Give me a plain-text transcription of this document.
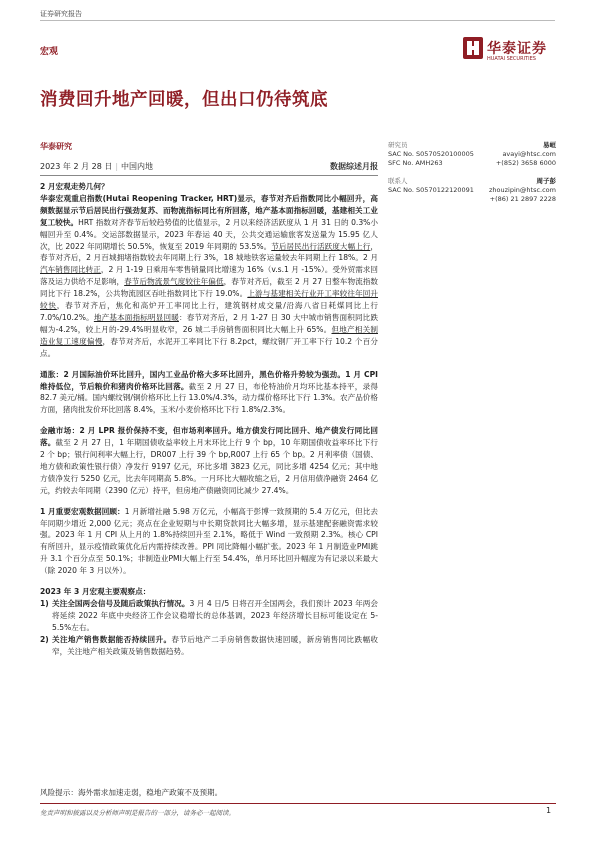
证券研究报告
宏观	华泰证券
HUATAI SECURITIES
消费回升地产回暖，但出口仍待筑底
华泰研究
2023 年 2 月 28 日 | 中国内地	数据综述月报
研究员	易峘
SAC No. S0570520100005	avayi@htsc.com
SFC No. AMH263	+(852) 3658 6000
联系人	周子彭
SAC No. S0570122120091 zhouzipin@htsc.com
+(86) 21 2897 2228

2 月宏观走势几何？

华泰宏观重启指数(Hutai Reopening Tracker, HRT)显示，春节对齐后指数同比小幅回升，高频数据显示节后居民出行强劲复苏、而物流指标同比有所回落，地产基本面指标回暖，基建相关工业复工较快。HRT 指数对齐春节后较趋势值的比值显示，2 月以来经济活跃度从 1 月 31 日的 0.3%小幅回升至 0.4%。交运部数据显示，2023 年春运 40 天，公共交通运输旅客发送量为 15.95 亿人次，比 2022 年同期增长 50.5%，恢复至 2019 年同期的 53.5%。节后居民出行活跃度大幅上行，春节对齐后，2 月百城拥堵指数较去年同期上行 3%，18 城地铁客运量较去年同期上行 18%。2 月汽车销售同比转正，2 月 1-19 日乘用车零售销量同比增速为 16%（v.s.1 月 -15%）。受外贸需求回落及运力供给不足影响，春节后物流景气度较往年偏低，春节对齐后，截至 2 月 27 日整车物流指数同比下行 18.2%，公共物流园区吞吐指数同比下行 19.0%。上游与基建相关行业开工率较往年回升较快，春节对齐后，焦化和高炉开工率同比上行，建筑钢材成交量/沿海八省日耗煤同比上行 7.0%/10.2%。地产基本面指标明显回暖：春节对齐后，2 月 1-27 日 30 大中城市销售面积同比跌幅为-4.2%，较上月的-29.4%明显收窄，26 城二手房销售面积同比大幅上升 65%。但地产相关制造业复工速度偏慢，春节对齐后，水泥开工率同比下行 8.2pct，螺纹钢厂开工率下行 10.2 个百分点。

通胀：2 月国际油价环比回升，国内工业品价格大多环比回升，黑色价格升势较为强劲。1 月 CPI 维持低位，节后粮价和猪肉价格环比回落。截至 2 月 27 日，布伦特油价月均环比基本持平，录得 82.7 美元/桶。国内螺纹钢/铜价格环比上行 13.0%/4.3%，动力煤价格环比下行 1.3%。农产品价格方面，猪肉批发价环比回落 8.4%，玉米/小麦价格环比下行 1.8%/2.3%。

金融市场：2 月 LPR 报价保持不变，但市场利率回升。地方债发行同比回升、地产债发行同比回落。截至 2 月 27 日，1 年期国债收益率较上月末环比上行 9 个 bp，10 年期国债收益率环比下行 2 个 bp；银行间利率大幅上行，DR007 上行 39 个 bp,R007 上行 65 个 bp。2 月利率债（国债、地方债和政策性银行债）净发行 9197 亿元，环比多增 3823 亿元，同比多增 4254 亿元；其中地方债净发行 5250 亿元，比去年同期高 5.8%。一月环比大幅收缩之后，2 月信用债净融资 2464 亿元，约较去年同期（2390 亿元）持平，但房地产债融资同比减少 27.4%。

1 月重要宏观数据回顾：1 月新增社融 5.98 万亿元，小幅高于彭博一致预期的 5.4 万亿元，但比去年同期少增近 2,000 亿元；亮点在企业短期与中长期贷款同比大幅多增，显示基建配套融资需求较强。2023 年 1 月 CPI 从上月的 1.8%持续回升至 2.1%，略低于 Wind 一致预期 2.3%。核心 CPI 有所回升，显示疫情政策优化后内需持续改善。PPI 同比降幅小幅扩张。2023 年 1 月制造业PMI跳升 3.1 个百分点至 50.1%；非制造业PMI大幅上行至 54.4%，单月环比回升幅度为有记录以来最大（除 2020 年 3 月以外）。

2023 年 3 月宏观主要观察点：

1) 关注全国两会信号及随后政策执行情况。3 月 4 日/5 日将召开全国两会，我们预计 2023 年两会将延续 2022 年底中央经济工作会议稳增长的总体基调，2023 年经济增长目标可能设定在 5-5.5%左右。
2) 关注地产销售数据能否持续回升。春节后地产二手房销售数据快速回暖，新房销售同比跌幅收窄，关注地产相关政策及销售数据趋势。
风险提示：海外需求加速走弱，稳地产政策不及预期。
免责声明和披露以及分析师声明是报告的一部分，请务必一起阅读。	1
